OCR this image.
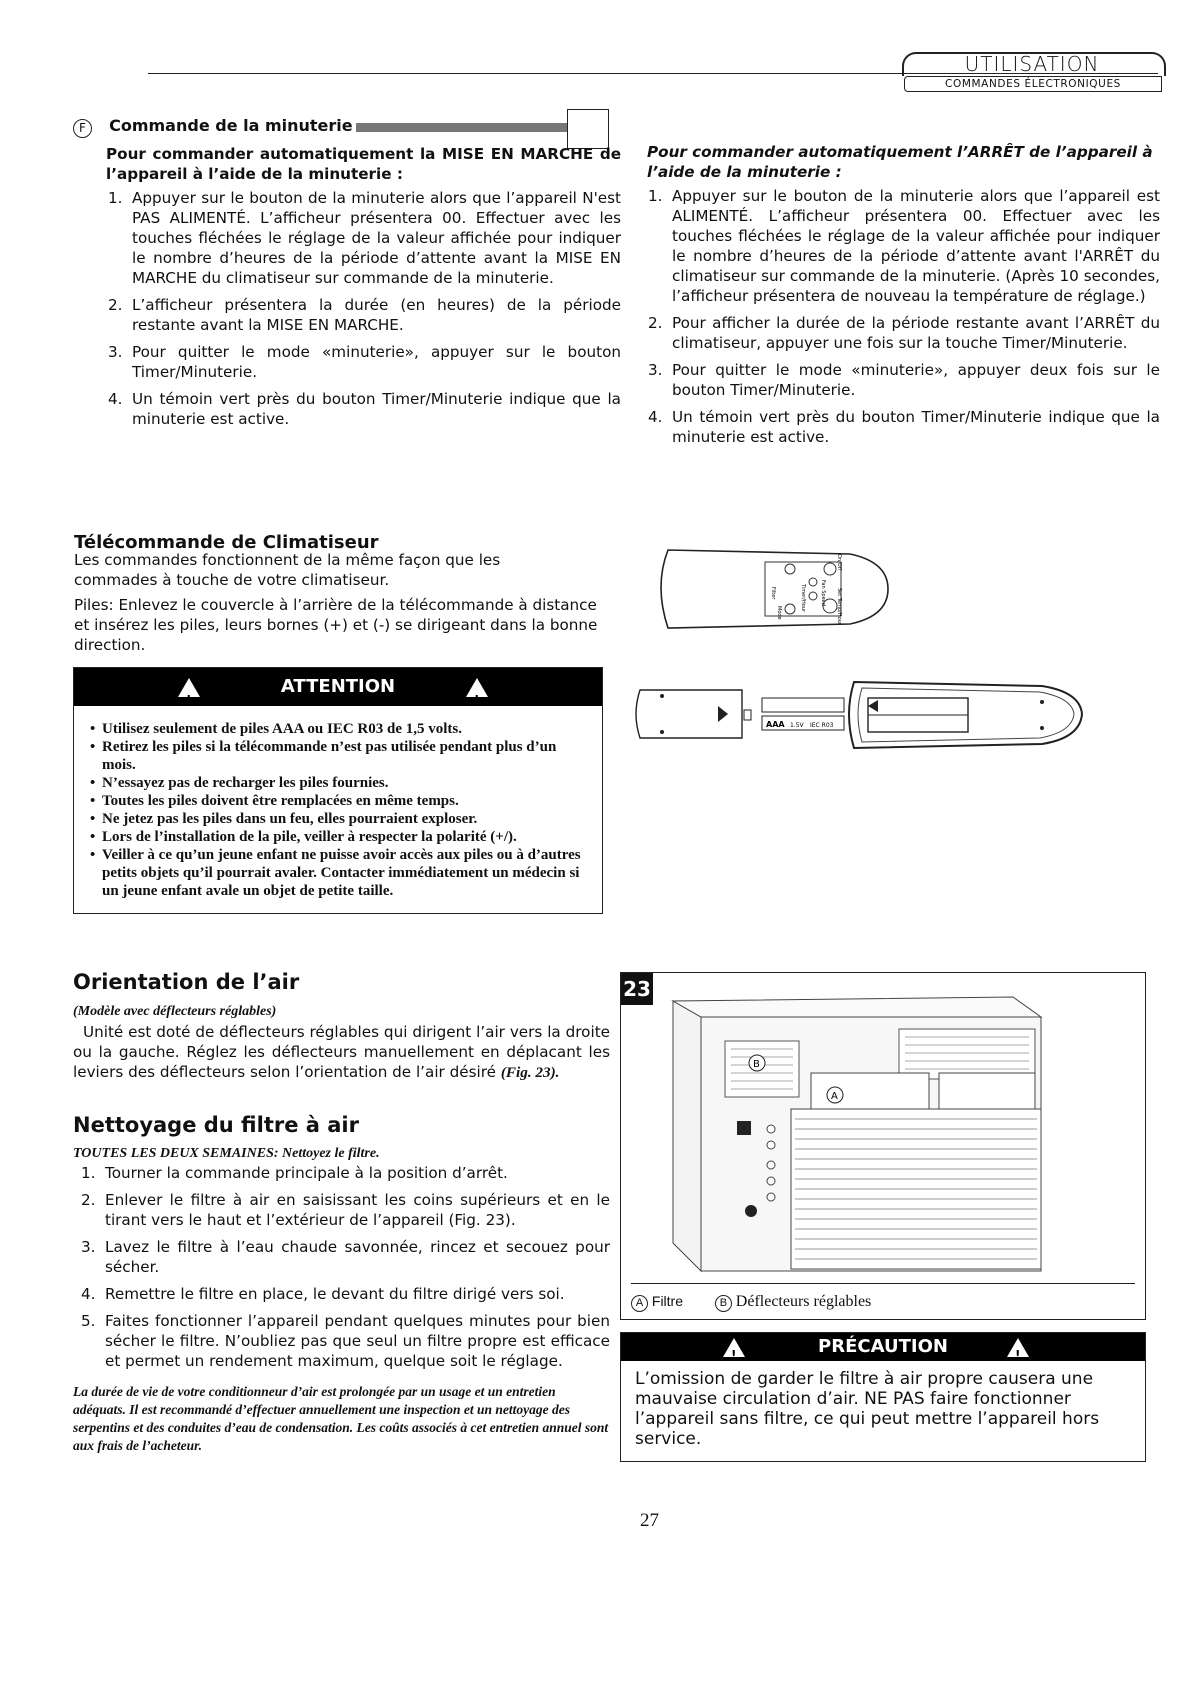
UTILISATION
COMMANDES ÉLECTRONIQUES
F Commande de la minuterie
Pour commander automatiquement la MISE EN MARCHE de l’appareil à l’aide de la minuterie :
1. Appuyer sur le bouton de la minuterie alors que l’appareil N'est PAS ALIMENTÉ. L’afficheur présentera 00. Effectuer avec les touches fléchées le réglage de la valeur affichée pour indiquer le nombre d’heures de la période d’attente avant la MISE EN MARCHE du climatiseur sur commande de la minuterie.
2. L’afficheur présentera la durée (en heures) de la période restante avant la MISE EN MARCHE.
3. Pour quitter le mode «minuterie», appuyer sur le bouton Timer/Minuterie.
4. Un témoin vert près du bouton Timer/Minuterie indique que la minuterie est active.
Pour commander automatiquement l’ARRÊT de l’appareil à l’aide de la minuterie :
1. Appuyer sur le bouton de la minuterie alors que l’appareil est ALIMENTÉ. L’afficheur présentera 00. Effectuer avec les touches fléchées le réglage de la valeur affichée pour indiquer le nombre d’heures de la période d’attente avant l'ARRÊT du climatiseur sur commande de la minuterie. (Après 10 secondes, l’afficheur présentera de nouveau la température de réglage.)
2. Pour afficher la durée de la période restante avant l’ARRÊT du climatiseur, appuyer une fois sur la touche Timer/Minuterie.
3. Pour quitter le mode «minuterie», appuyer deux fois sur le bouton Timer/Minuterie.
4. Un témoin vert près du bouton Timer/Minuterie indique que la minuterie est active.
Télécommande de Climatiseur
Les commandes fonctionnent de la même façon que les commades à touche de votre climatiseur.
Piles: Enlevez le couvercle à l’arrière de la télécommande à distance et insérez les piles, leurs bornes (+) et (-) se dirigeant dans la bonne direction.
Filter	Timer/Hour
Mode
Fan Speed
On/Off
Set Temp/Hour
AAA 1.5V IEC R03
!
ATTENTION
!
• Utilisez seulement de piles AAA ou IEC R03 de 1,5 volts.
• Retirez les piles si la télécommande n’est pas utilisée pendant plus d’un mois.
• N’essayez pas de recharger les piles fournies.
• Toutes les piles doivent être remplacées en même temps.
• Ne jetez pas les piles dans un feu, elles pourraient exploser.
• Lors de l’installation de la pile, veiller à respecter la polarité (+/).
• Veiller à ce qu’un jeune enfant ne puisse avoir accès aux piles ou à d’autres petits objets qu’il pourrait avaler. Contacter immédiatement un médecin si un jeune enfant avale un objet de petite taille.
Orientation de l’air
(Modèle avec déflecteurs réglables)
Unité est doté de déflecteurs réglables qui dirigent l’air vers la droite ou la gauche. Réglez les déflecteurs manuellement en déplacant les leviers des déflecteurs selon l’orientation de l’air désiré (Fig. 23).
Nettoyage du filtre à air
TOUTES LES DEUX SEMAINES: Nettoyez le filtre.
1. Tourner la commande principale à la position d’arrêt.
2. Enlever le filtre à air en saisissant les coins supérieurs et en le tirant vers le haut et l’extérieur de l’appareil (Fig. 23).
3. Lavez le filtre à l’eau chaude savonnée, rincez et secouez pour sécher.
4. Remettre le filtre en place, le devant du filtre dirigé vers soi.
5. Faites fonctionner l’appareil pendant quelques minutes pour bien sécher le filtre. N’oubliez pas que seul un filtre propre est efficace et permet un rendement maximum, quelque soit le réglage.
La durée de vie de votre conditionneur d’air est prolongée par un usage et un entretien adéquats. Il est recommandé d’effectuer annuellement une inspection et un nettoyage des serpentins et des conduites d’eau de condensation. Les coûts associés à cet entretien annuel sont aux frais de l’acheteur.
23
B
A
A Filtre	B Déflecteurs réglables
!
PRÉCAUTION
!
L’omission de garder le filtre à air propre causera une mauvaise circulation d’air. NE PAS faire fonctionner l’appareil sans filtre, ce qui peut mettre l’appareil hors service.
27
